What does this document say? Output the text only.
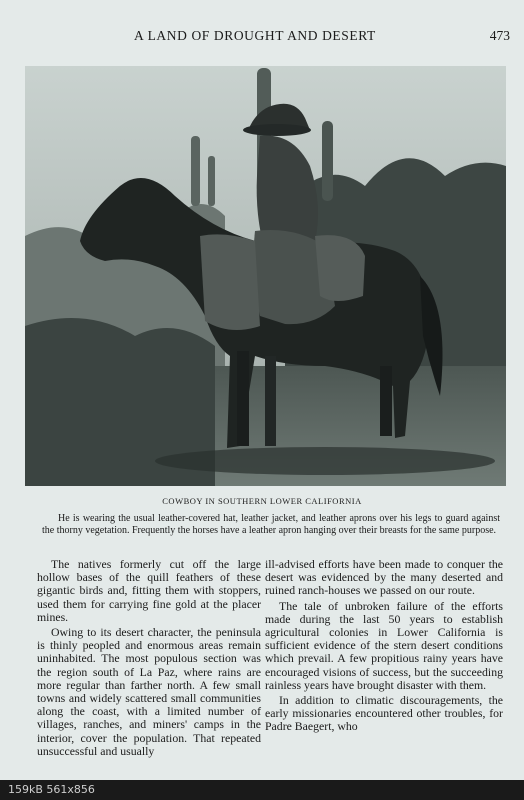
A LAND OF DROUGHT AND DESERT	473
COWBOY IN SOUTHERN LOWER CALIFORNIA
He is wearing the usual leather-covered hat, leather jacket, and leather aprons over his legs to guard against the thorny vegetation. Frequently the horses have a leather apron hanging over their breasts for the same purpose.

The natives formerly cut off the large hollow bases of the quill feathers of these gigantic birds and, fitting them with stoppers, used them for carrying fine gold at the placer mines.

Owing to its desert character, the peninsula is thinly peopled and enormous areas remain uninhabited. The most populous section was the region south of La Paz, where rains are more regular than farther north. A few small towns and widely scattered small communities along the coast, with a limited number of villages, ranches, and miners' camps in the interior, cover the population. That repeated unsuccessful and usually

ill-advised efforts have been made to conquer the desert was evidenced by the many deserted and ruined ranch-houses we passed on our route.

The tale of unbroken failure of the efforts made during the last 50 years to establish agricultural colonies in Lower California is sufficient evidence of the stern desert conditions which prevail. A few propitious rainy years have encouraged visions of success, but the succeeding rainless years have brought disaster with them.

In addition to climatic discouragements, the early missionaries encountered other troubles, for Padre Baegert, who

159kB 561x856
